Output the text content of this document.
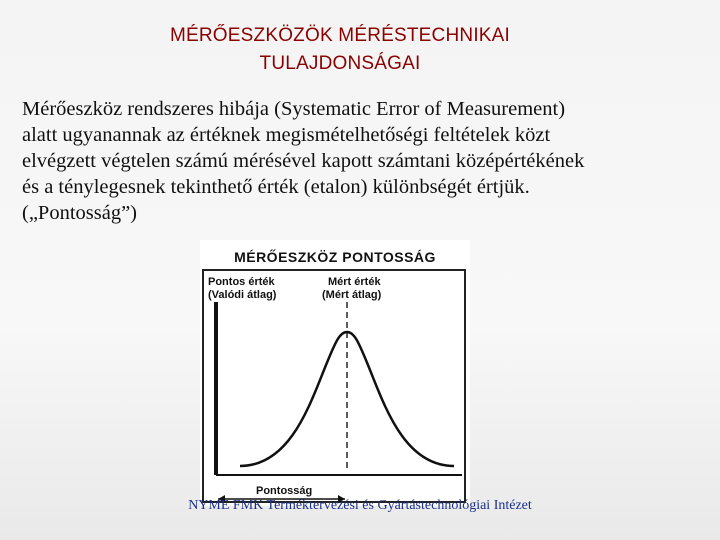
MÉRŐESZKÖZÖK MÉRÉSTECHNIKAI
TULAJDONSÁGAI
Mérőeszköz rendszeres hibája (Systematic Error of Measurement)
alatt ugyanannak az értéknek megismételhetőségi feltételek közt
elvégzett végtelen számú mérésével kapott számtani középértékének
és a ténylegesnek tekinthető érték (etalon) különbségét értjük.
(„Pontosság”)
MÉRŐESZKÖZ PONTOSSÁG
Pontos érték
(Valódi átlag)
Mért érték
(Mért átlag)
Pontosság
NYME FMK Terméktervezési és Gyártástechnológiai Intézet
